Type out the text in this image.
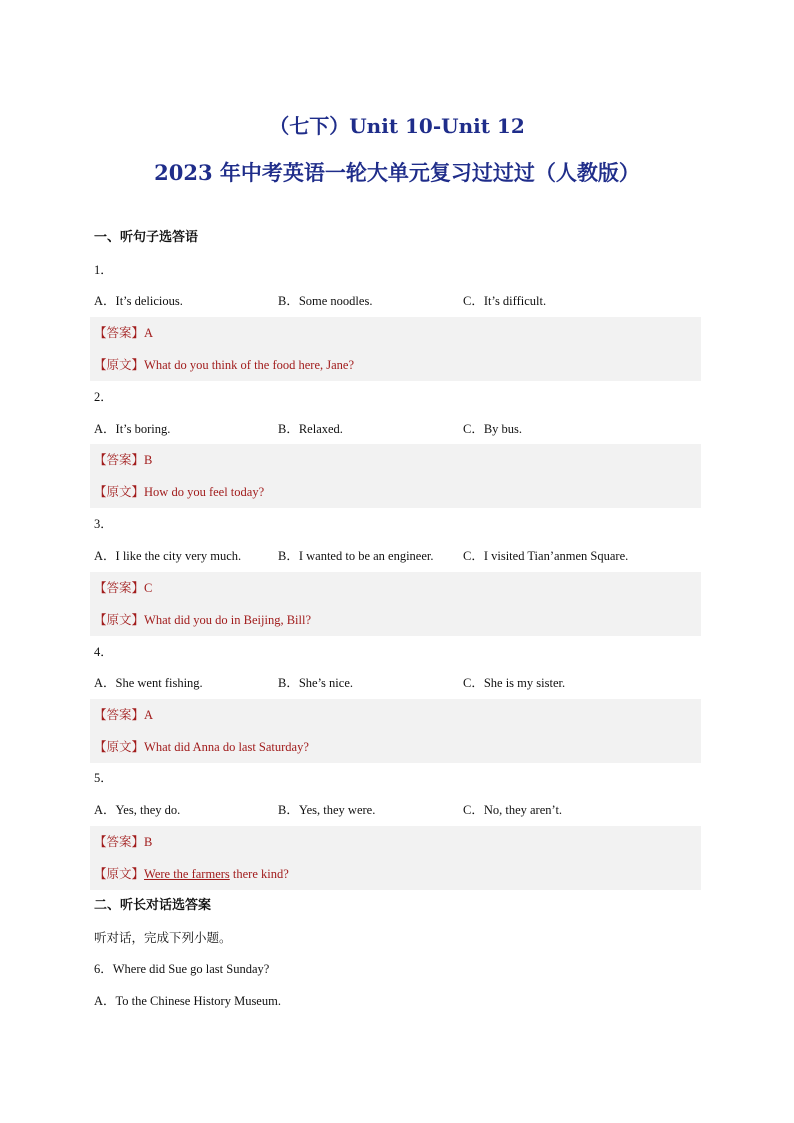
（七下）Unit 10-Unit 12
2023 年中考英语一轮大单元复习过过过（人教版）
一、听句子选答语
1．
A．It’s delicious.	B．Some noodles.	C．It’s difficult.
【答案】A
【原文】What do you think of the food here, Jane?
2．
A．It’s boring.	B．Relaxed.	C．By bus.
【答案】B
【原文】How do you feel today?
3．
A．I like the city very much.	B．I wanted to be an engineer. C．I visited Tian’anmen Square.
【答案】C
【原文】What did you do in Beijing, Bill?
4．
A．She went fishing.	B．She’s nice.	C．She is my sister.
【答案】A
【原文】What did Anna do last Saturday?
5．
A．Yes, they do.	B．Yes, they were.	C．No, they aren’t.
【答案】B
【原文】Were the farmers there kind?
二、听长对话选答案
听对话，完成下列小题。
6．Where did Sue go last Sunday?
A．To the Chinese History Museum.
